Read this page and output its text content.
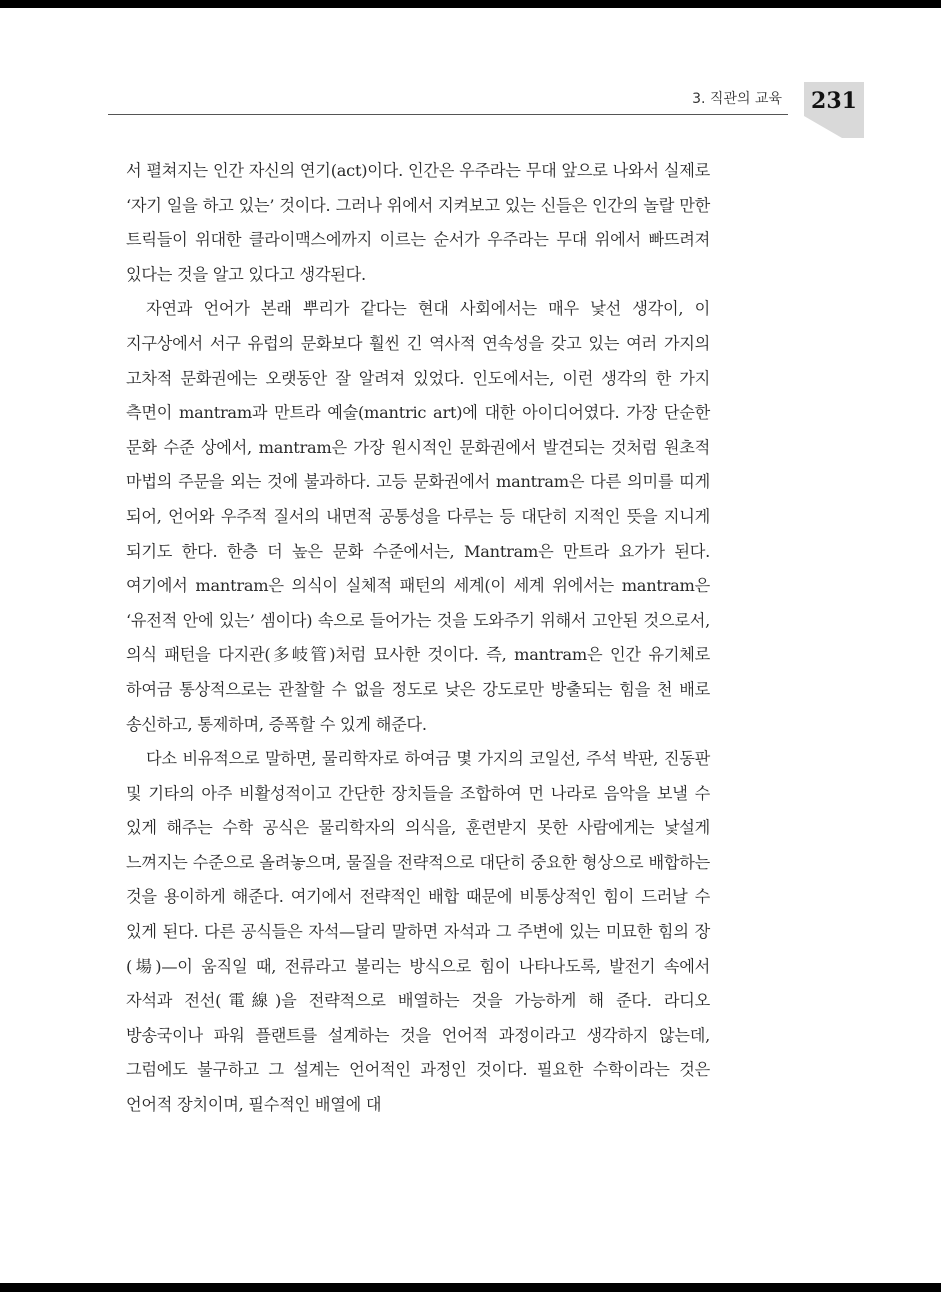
3. 직관의 교육	231

서 펼쳐지는 인간 자신의 연기(act)이다. 인간은 우주라는 무대 앞으로 나와서 실제로 ‘자기 일을 하고 있는’ 것이다. 그러나 위에서 지켜보고 있는 신들은 인간의 놀랄 만한 트릭들이 위대한 클라이맥스에까지 이르는 순서가 우주라는 무대 위에서 빠뜨려져 있다는 것을 알고 있다고 생각된다.

자연과 언어가 본래 뿌리가 같다는 현대 사회에서는 매우 낯선 생각이, 이 지구상에서 서구 유럽의 문화보다 훨씬 긴 역사적 연속성을 갖고 있는 여러 가지의 고차적 문화권에는 오랫동안 잘 알려져 있었다. 인도에서는, 이런 생각의 한 가지 측면이 mantram과 만트라 예술(mantric art)에 대한 아이디어였다. 가장 단순한 문화 수준 상에서, mantram은 가장 원시적인 문화권에서 발견되는 것처럼 원초적 마법의 주문을 외는 것에 불과하다. 고등 문화권에서 mantram은 다른 의미를 띠게 되어, 언어와 우주적 질서의 내면적 공통성을 다루는 등 대단히 지적인 뜻을 지니게 되기도 한다. 한층 더 높은 문화 수준에서는, Mantram은 만트라 요가가 된다. 여기에서 mantram은 의식이 실체적 패턴의 세계(이 세계 위에서는 mantram은 ‘유전적 안에 있는’ 셈이다) 속으로 들어가는 것을 도와주기 위해서 고안된 것으로서, 의식 패턴을 다지관(多岐管)처럼 묘사한 것이다. 즉, mantram은 인간 유기체로 하여금 통상적으로는 관찰할 수 없을 정도로 낮은 강도로만 방출되는 힘을 천 배로 송신하고, 통제하며, 증폭할 수 있게 해준다.

다소 비유적으로 말하면, 물리학자로 하여금 몇 가지의 코일선, 주석 박판, 진동판 및 기타의 아주 비활성적이고 간단한 장치들을 조합하여 먼 나라로 음악을 보낼 수 있게 해주는 수학 공식은 물리학자의 의식을, 훈련받지 못한 사람에게는 낯설게 느껴지는 수준으로 올려놓으며, 물질을 전략적으로 대단히 중요한 형상으로 배합하는 것을 용이하게 해준다. 여기에서 전략적인 배합 때문에 비통상적인 힘이 드러날 수 있게 된다. 다른 공식들은 자석—달리 말하면 자석과 그 주변에 있는 미묘한 힘의 장(場)—이 움직일 때, 전류라고 불리는 방식으로 힘이 나타나도록, 발전기 속에서 자석과 전선(電線)을 전략적으로 배열하는 것을 가능하게 해 준다. 라디오 방송국이나 파워 플랜트를 설계하는 것을 언어적 과정이라고 생각하지 않는데, 그럼에도 불구하고 그 설계는 언어적인 과정인 것이다. 필요한 수학이라는 것은 언어적 장치이며, 필수적인 배열에 대
